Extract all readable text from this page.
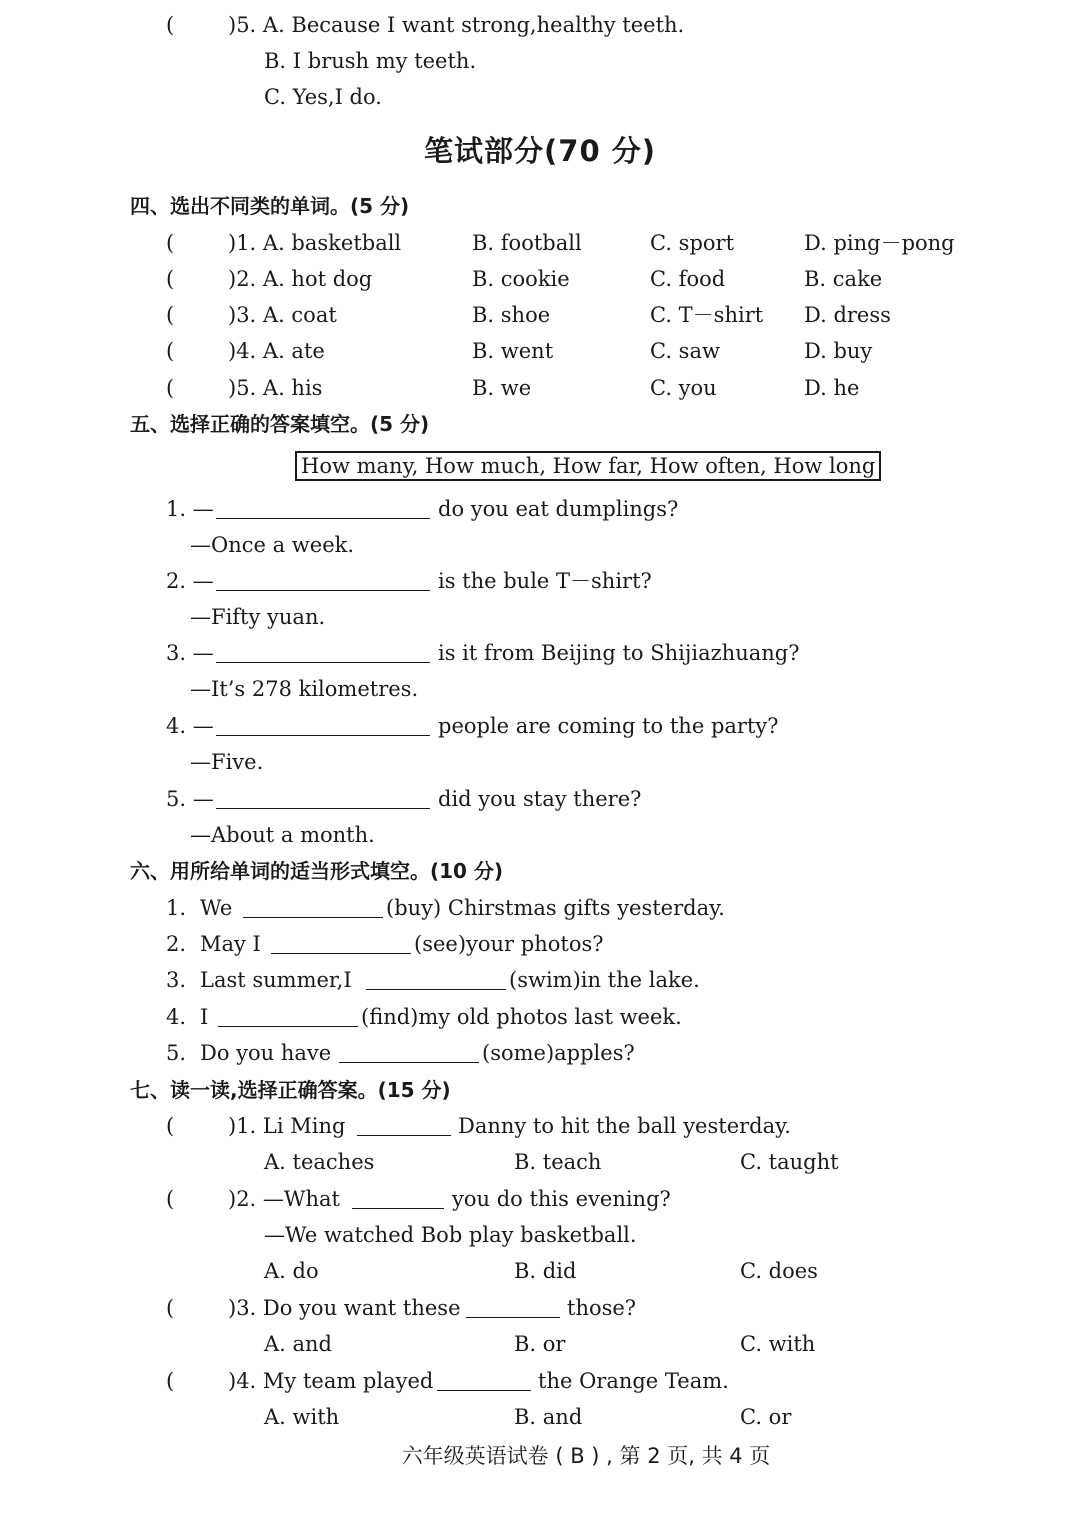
(	)5. A. Because I want strong,healthy teeth.
B. I brush my teeth.
C. Yes,I do.
笔试部分(70 分)
四、选出不同类的单词。(5 分)
(	)1. A. basketball	B. football	C. sport	D. ping－pong
(	)2. A. hot dog	B. cookie	C. food	B. cake
(	)3. A. coat	B. shoe	C. T－shirt D. dress
(	)4. A. ate	B. went	C. saw	D. buy
(	)5. A. his	B. we	C. you	D. he
五、选择正确的答案填空。(5 分)
How many, How much, How far, How often, How long
1. —	do you eat dumplings?
—Once a week.
2. —	is the bule T－shirt?
—Fifty yuan.
3. —	is it from Beijing to Shijiazhuang?
—It’s 278 kilometres.
4. —	people are coming to the party?
—Five.
5. —	did you stay there?
—About a month.
六、用所给单词的适当形式填空。(10 分)
1. We	(buy) Chirstmas gifts yesterday.
2. May I	(see)your photos?
3. Last summer,I	(swim)in the lake.
4. I	(find)my old photos last week.
5. Do you have	(some)apples?
七、读一读,选择正确答案。(15 分)
(	)1. Li Ming	Danny to hit the ball yesterday.
A. teaches	B. teach	C. taught
(	)2. —What	you do this evening?
—We watched Bob play basketball.
A. do	B. did	C. does
(	)3. Do you want these	those?
A. and	B. or	C. with
(	)4. My team played	the Orange Team.
A. with	B. and	C. or
六年级英语试卷 ( B ) , 第 2 页, 共 4 页
